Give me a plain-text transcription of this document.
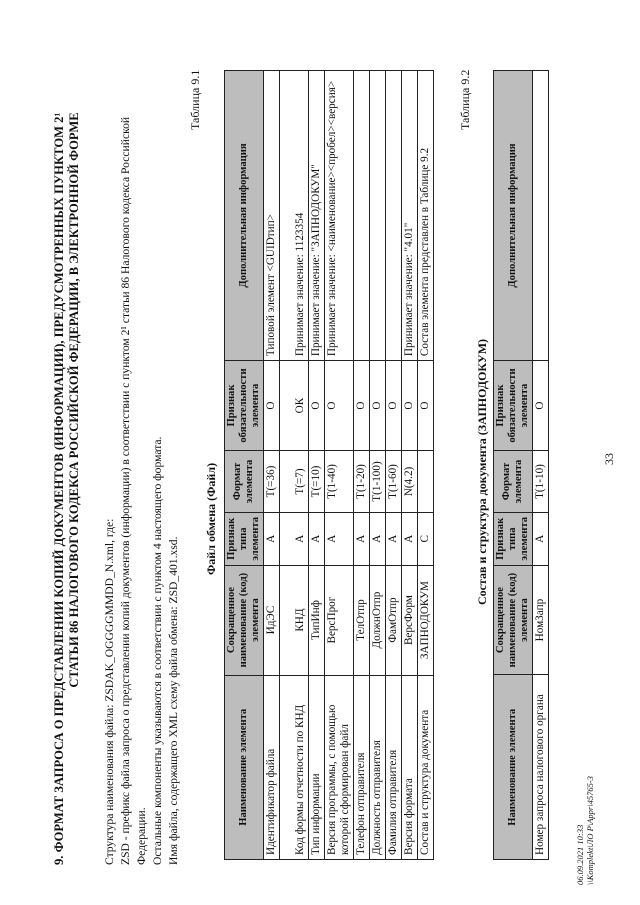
33

9. ФОРМАТ ЗАПРОСА О ПРЕДСТАВЛЕНИИ КОПИЙ ДОКУМЕНТОВ (ИНФОРМАЦИИ), ПРЕДУСМОТРЕННЫХ ПУНКТОМ 2¹ СТАТЬИ 86 НАЛОГОВОГО КОДЕКСА РОССИЙСКОЙ ФЕДЕРАЦИИ, В ЭЛЕКТРОННОЙ ФОРМЕ

Структура наименования файла: ZSDAK_OGGGGMMDD_N.xml, где: ZSD - префикс файла запроса о представлении копий документов (информации) в соответствии с пунктом 2¹ статьи 86 Налогового кодекса Российской Федерации. Остальные компоненты указываются в соответствии с пунктом 4 настоящего формата. Имя файла, содержащего XML схему файла обмена: ZSD_401.xsd.

Таблица 9.1
Файл обмена (Файл)
Наименование элемента	Сокращенное наименование (код) элемента	Признак типа элемента	Формат элемента	Признак обязательности элемента	Дополнительная информация
Идентификатор файла	ИдЭС	А	T(=36)	О	Типовой элемент <GUIDтип>
Код формы отчетности по КНД	КНД	А	T(=7)	ОК	Принимает значение: 1123354
Тип информации	ТипИнф	А	T(=10)	О	Принимает значение: "ЗАПНОДОКУМ"
Версия программы, с помощью которой сформирован файл	ВерсПрог	А	T(1-40)	О	Принимает значение: <наименование><пробел><версия>
Телефон отправителя	ТелОтпр	А	T(1-20)	О	
Должность отправителя	ДолжнОтпр	А	T(1-100)	О	
Фамилия отправителя	ФамОтпр	А	T(1-60)	О	
Версия формата	ВерсФорм	А	N(4.2)	О	Принимает значение: "4.01"
Состав и структура документа	ЗАПНОДОКУМ	С		О	Состав элемента представлен в Таблице 9.2
Таблица 9.2
Состав и структура документа (ЗАПНОДОКУМ)
Наименование элемента	Сокращенное наименование (код) элемента	Признак типа элемента	Формат элемента	Признак обязательности элемента	Дополнительная информация
Номер запроса налогового органа	НомЗапр	А	T(1-10)	О	
06.09.2021 10:33 \\Komplekt\ЛО Р\Appr\45765-3
